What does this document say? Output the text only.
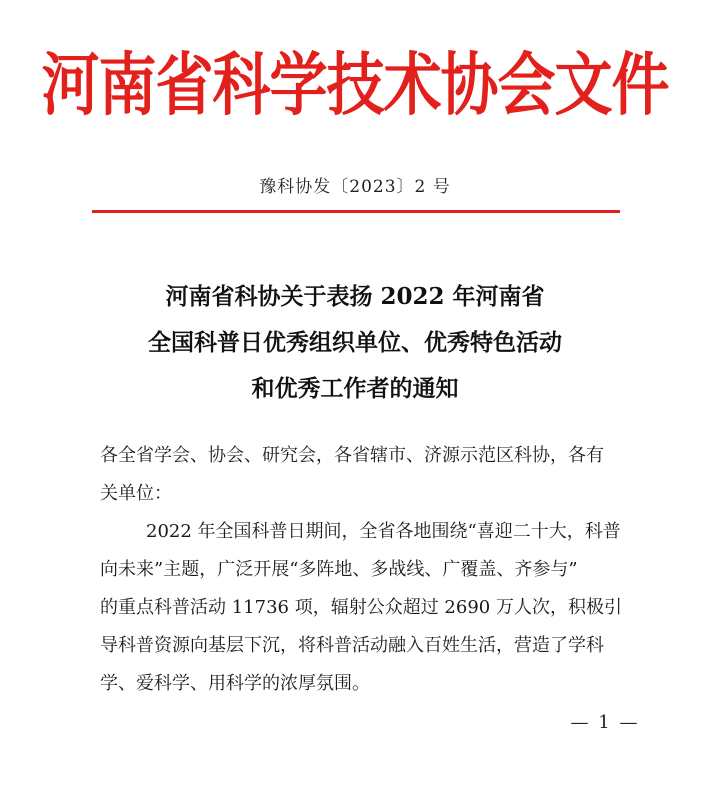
河南省科学技术协会文件
豫科协发〔2023〕2 号
河南省科协关于表扬 2022 年河南省
全国科普日优秀组织单位、优秀特色活动
和优秀工作者的通知
各全省学会、协会、研究会，各省辖市、济源示范区科协，各有
关单位：
2022 年全国科普日期间，全省各地围绕“喜迎二十大，科普
向未来”主题，广泛开展“多阵地、多战线、广覆盖、齐参与”
的重点科普活动 11736 项，辐射公众超过 2690 万人次，积极引
导科普资源向基层下沉，将科普活动融入百姓生活，营造了学科
学、爱科学、用科学的浓厚氛围。
— 1 —
